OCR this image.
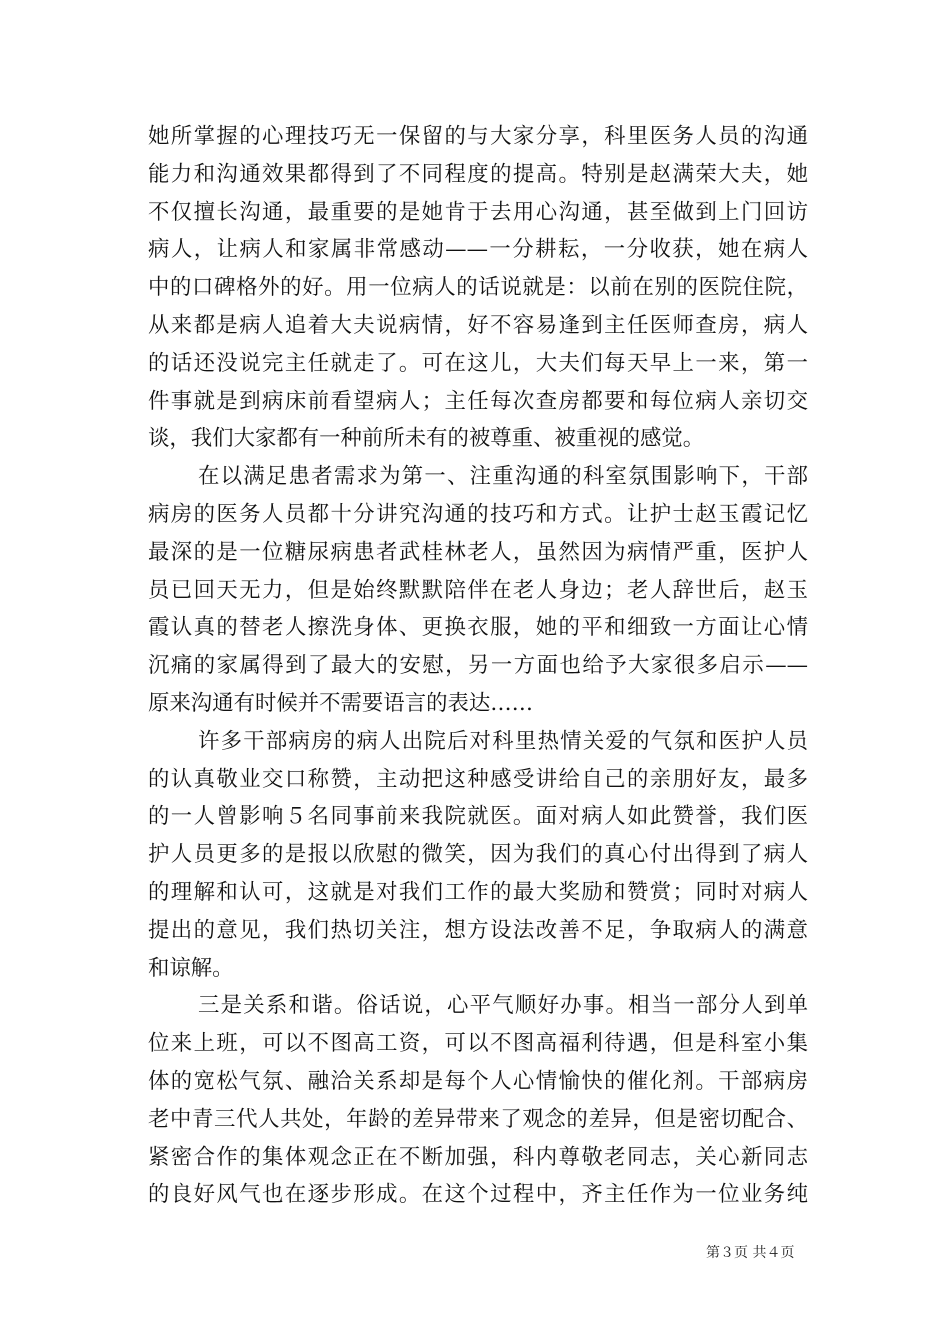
她所掌握的心理技巧无一保留的与大家分享，科里医务人员的沟通
能力和沟通效果都得到了不同程度的提高。特别是赵满荣大夫，她
不仅擅长沟通，最重要的是她肯于去用心沟通，甚至做到上门回访
病人，让病人和家属非常感动——一分耕耘，一分收获，她在病人
中的口碑格外的好。用一位病人的话说就是：以前在别的医院住院，
从来都是病人追着大夫说病情，好不容易逢到主任医师查房，病人
的话还没说完主任就走了。可在这儿，大夫们每天早上一来，第一
件事就是到病床前看望病人；主任每次查房都要和每位病人亲切交
谈，我们大家都有一种前所未有的被尊重、被重视的感觉。
在以满足患者需求为第一、注重沟通的科室氛围影响下，干部
病房的医务人员都十分讲究沟通的技巧和方式。让护士赵玉霞记忆
最深的是一位糖尿病患者武桂林老人，虽然因为病情严重，医护人
员已回天无力，但是始终默默陪伴在老人身边；老人辞世后，赵玉
霞认真的替老人擦洗身体、更换衣服，她的平和细致一方面让心情
沉痛的家属得到了最大的安慰，另一方面也给予大家很多启示——
原来沟通有时候并不需要语言的表达……
许多干部病房的病人出院后对科里热情关爱的气氛和医护人员
的认真敬业交口称赞，主动把这种感受讲给自己的亲朋好友，最多
的一人曾影响５名同事前来我院就医。面对病人如此赞誉，我们医
护人员更多的是报以欣慰的微笑，因为我们的真心付出得到了病人
的理解和认可，这就是对我们工作的最大奖励和赞赏；同时对病人
提出的意见，我们热切关注，想方设法改善不足，争取病人的满意
和谅解。
三是关系和谐。俗话说，心平气顺好办事。相当一部分人到单
位来上班，可以不图高工资，可以不图高福利待遇，但是科室小集
体的宽松气氛、融洽关系却是每个人心情愉快的催化剂。干部病房
老中青三代人共处，年龄的差异带来了观念的差异，但是密切配合、
紧密合作的集体观念正在不断加强，科内尊敬老同志，关心新同志
的良好风气也在逐步形成。在这个过程中，齐主任作为一位业务纯
第３页 共４页
